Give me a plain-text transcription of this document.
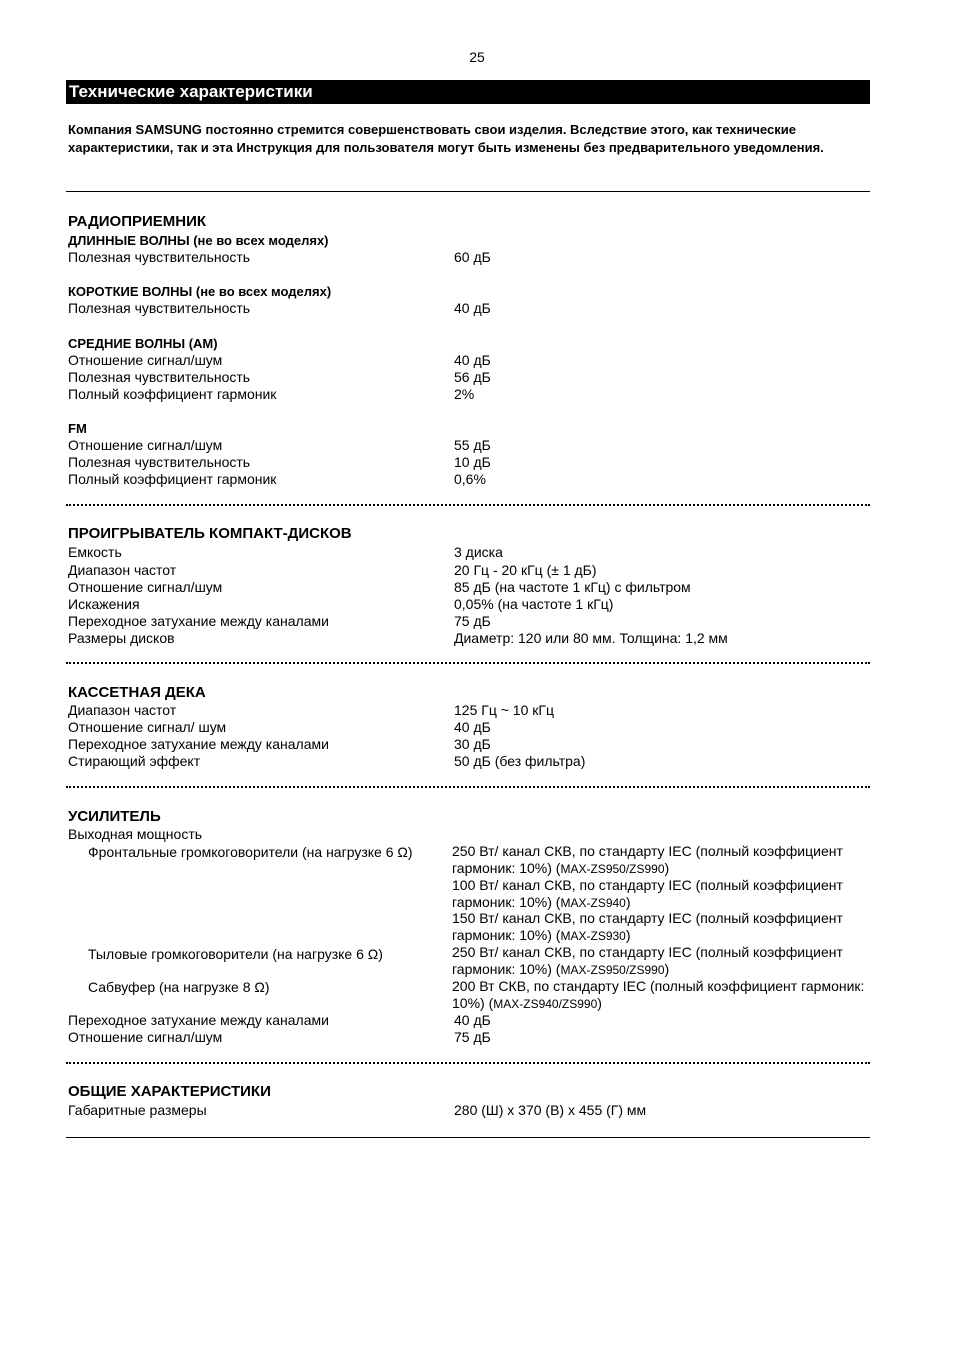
25
Технические характеристики
Компания SAMSUNG постоянно стремится совершенствовать свои изделия. Вследствие этого, как технические характеристики, так и эта Инструкция для пользователя могут быть изменены без предварительного уведомления.
РАДИОПРИЕМНИК
ДЛИННЫЕ ВОЛНЫ (не во всех моделях)
Полезная чувствительность	60 дБ
КОРОТКИЕ ВОЛНЫ (не во всех моделях)
Полезная чувствительность	40 дБ
СРЕДНИЕ ВОЛНЫ (AM)
Отношение сигнал/шум	40 дБ
Полезная чувствительность	56 дБ
Полный коэффициент гармоник	2%
FM
Отношение сигнал/шум	55 дБ
Полезная чувствительность	10 дБ
Полный коэффициент гармоник	0,6%
ПРОИГРЫВАТЕЛЬ КОМПАКТ-ДИСКОВ
Емкость	3 диска
Диапазон частот	20 Гц - 20 кГц (± 1 дБ)
Отношение сигнал/шум	85 дБ (на частоте 1 кГц) с фильтром
Искажения	0,05% (на частоте 1 кГц)
Переходное затухание между каналами	75 дБ
Размеры дисков	Диаметр: 120 или 80 мм. Толщина: 1,2 мм
КАССЕТНАЯ ДЕКА
Диапазон частот	125 Гц ~ 10 кГц
Отношение сигнал/ шум	40 дБ
Переходное затухание между каналами	30 дБ
Стирающий эффект	50 дБ (без фильтра)
УСИЛИТЕЛЬ
Выходная мощность
Фронтальные громкоговорители (на нагрузке 6 Ω)	250 Вт/ канал СКВ, по стандарту IEC (полный коэффициент гармоник: 10%) (MAX-ZS950/ZS990)
100 Вт/ канал СКВ, по стандарту IEC (полный коэффициент гармоник: 10%) (MAX-ZS940)
150 Вт/ канал СКВ, по стандарту IEC (полный коэффициент гармоник: 10%) (MAX-ZS930)
Тыловые громкоговорители (на нагрузке 6 Ω)	250 Вт/ канал СКВ, по стандарту IEC (полный коэффициент гармоник: 10%) (MAX-ZS950/ZS990)
Сабвуфер (на нагрузке 8 Ω)	200 Вт СКВ, по стандарту IEC (полный коэффициент гармоник: 10%) (MAX-ZS940/ZS990)
Переходное затухание между каналами	40 дБ
Отношение сигнал/шум	75 дБ
ОБЩИЕ ХАРАКТЕРИСТИКИ
Габаритные размеры	280 (Ш) x 370 (В) x 455 (Г) мм
